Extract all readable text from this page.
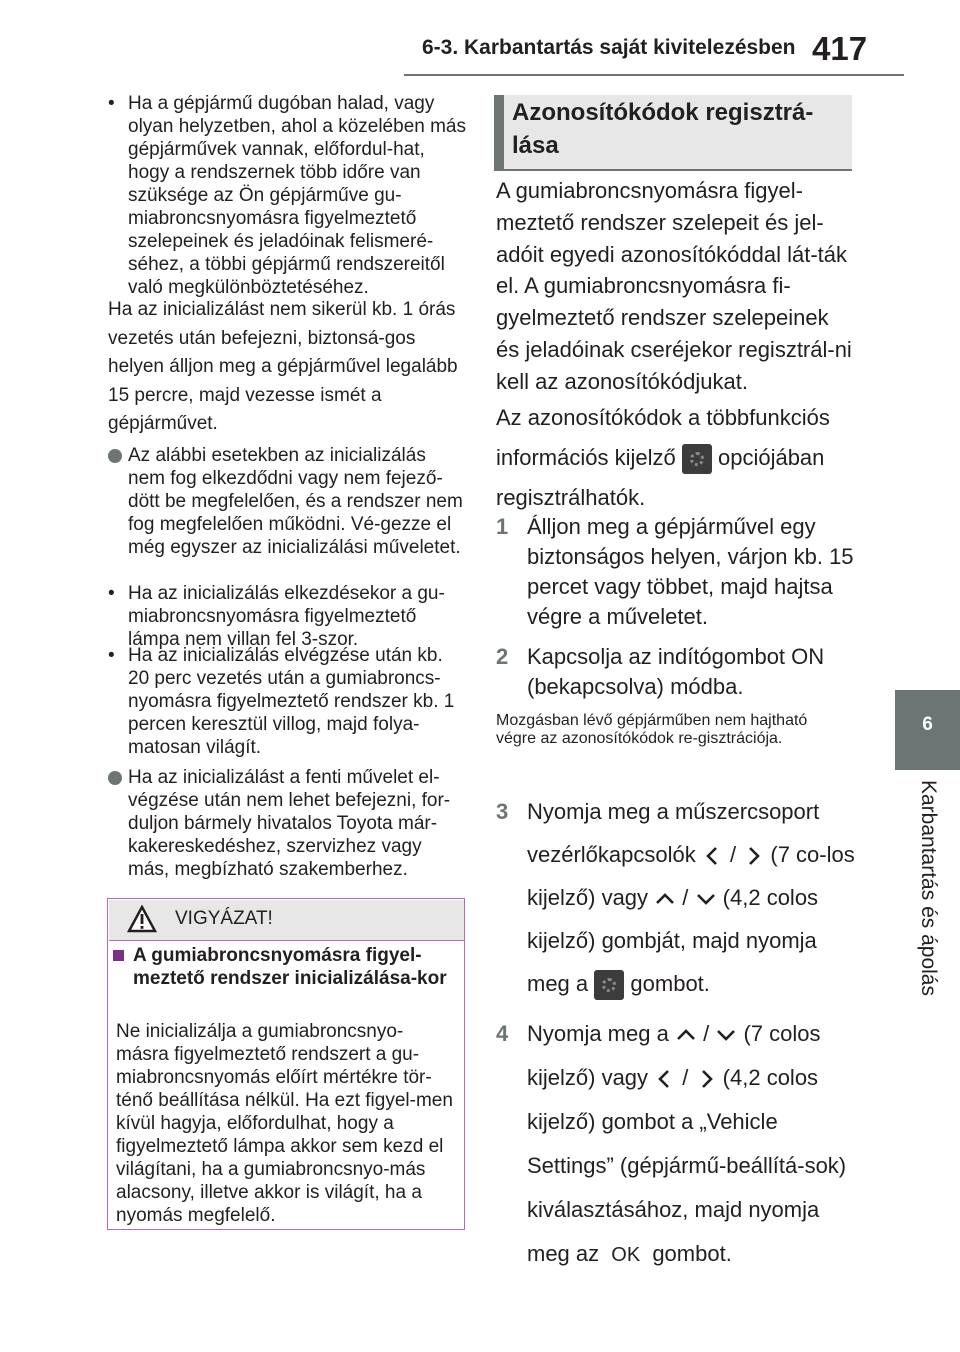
6-3. Karbantartás saját kivitelezésben 417
6
Karbantartás és ápolás
• Ha a gépjármű dugóban halad, vagy olyan helyzetben, ahol a közelében más gépjárművek vannak, előfordul-hat, hogy a rendszernek több időre van szüksége az Ön gépjárműve gu-miabroncsnyomásra figyelmeztető szelepeinek és jeladóinak felismeré-séhez, a többi gépjármű rendszereitől való megkülönböztetéséhez.
Ha az inicializálást nem sikerül kb. 1 órás vezetés után befejezni, biztonsá-gos helyen álljon meg a gépjárművel legalább 15 percre, majd vezesse ismét a gépjárművet.
Az alábbi esetekben az inicializálás nem fog elkezdődni vagy nem fejező-dött be megfelelően, és a rendszer nem fog megfelelően működni. Vé-gezze el még egyszer az inicializálási műveletet.
• Ha az inicializálás elkezdésekor a gu-miabroncsnyomásra figyelmeztető lámpa nem villan fel 3-szor.
• Ha az inicializálás elvégzése után kb. 20 perc vezetés után a gumiabroncs-nyomásra figyelmeztető rendszer kb. 1 percen keresztül villog, majd folya-matosan világít.
Ha az inicializálást a fenti művelet el-végzése után nem lehet befejezni, for-duljon bármely hivatalos Toyota már-kakereskedéshez, szervizhez vagy más, megbízható szakemberhez.
VIGYÁZAT!
A gumiabroncsnyomásra figyel-meztető rendszer inicializálása-kor
Ne inicializálja a gumiabroncsnyo-másra figyelmeztető rendszert a gu-miabroncsnyomás előírt mértékre tör-ténő beállítása nélkül. Ha ezt figyel-men kívül hagyja, előfordulhat, hogy a figyelmeztető lámpa akkor sem kezd el világítani, ha a gumiabroncsnyo-más alacsony, illetve akkor is világít, ha a nyomás megfelelő.
Azonosítókódok regisztrá-lása
A gumiabroncsnyomásra figyel-meztető rendszer szelepeit és jel-adóit egyedi azonosítókóddal lát-ták el. A gumiabroncsnyomásra fi-gyelmeztető rendszer szelepeinek és jeladóinak cseréjekor regisztrál-ni kell az azonosítókódjukat.
Az azonosítókódok a többfunkciós információs kijelző opciójában regisztrálhatók.
1 Álljon meg a gépjárművel egy biztonságos helyen, várjon kb. 15 percet vagy többet, majd hajtsa végre a műveletet.
2 Kapcsolja az indítógombot ON (bekapcsolva) módba.
Mozgásban lévő gépjárműben nem hajtható végre az azonosítókódok re-gisztrációja.
3 Nyomja meg a műszercsoport vezérlőkapcsolók / (7 co-los kijelző) vagy / (4,2 colos kijelző) gombját, majd nyomja meg a gombot.
4 Nyomja meg a / (7 colos kijelző) vagy / (4,2 colos kijelző) gombot a „Vehicle Settings” (gépjármű-beállítá-sok) kiválasztásához, majd nyomja meg az OK gombot.
